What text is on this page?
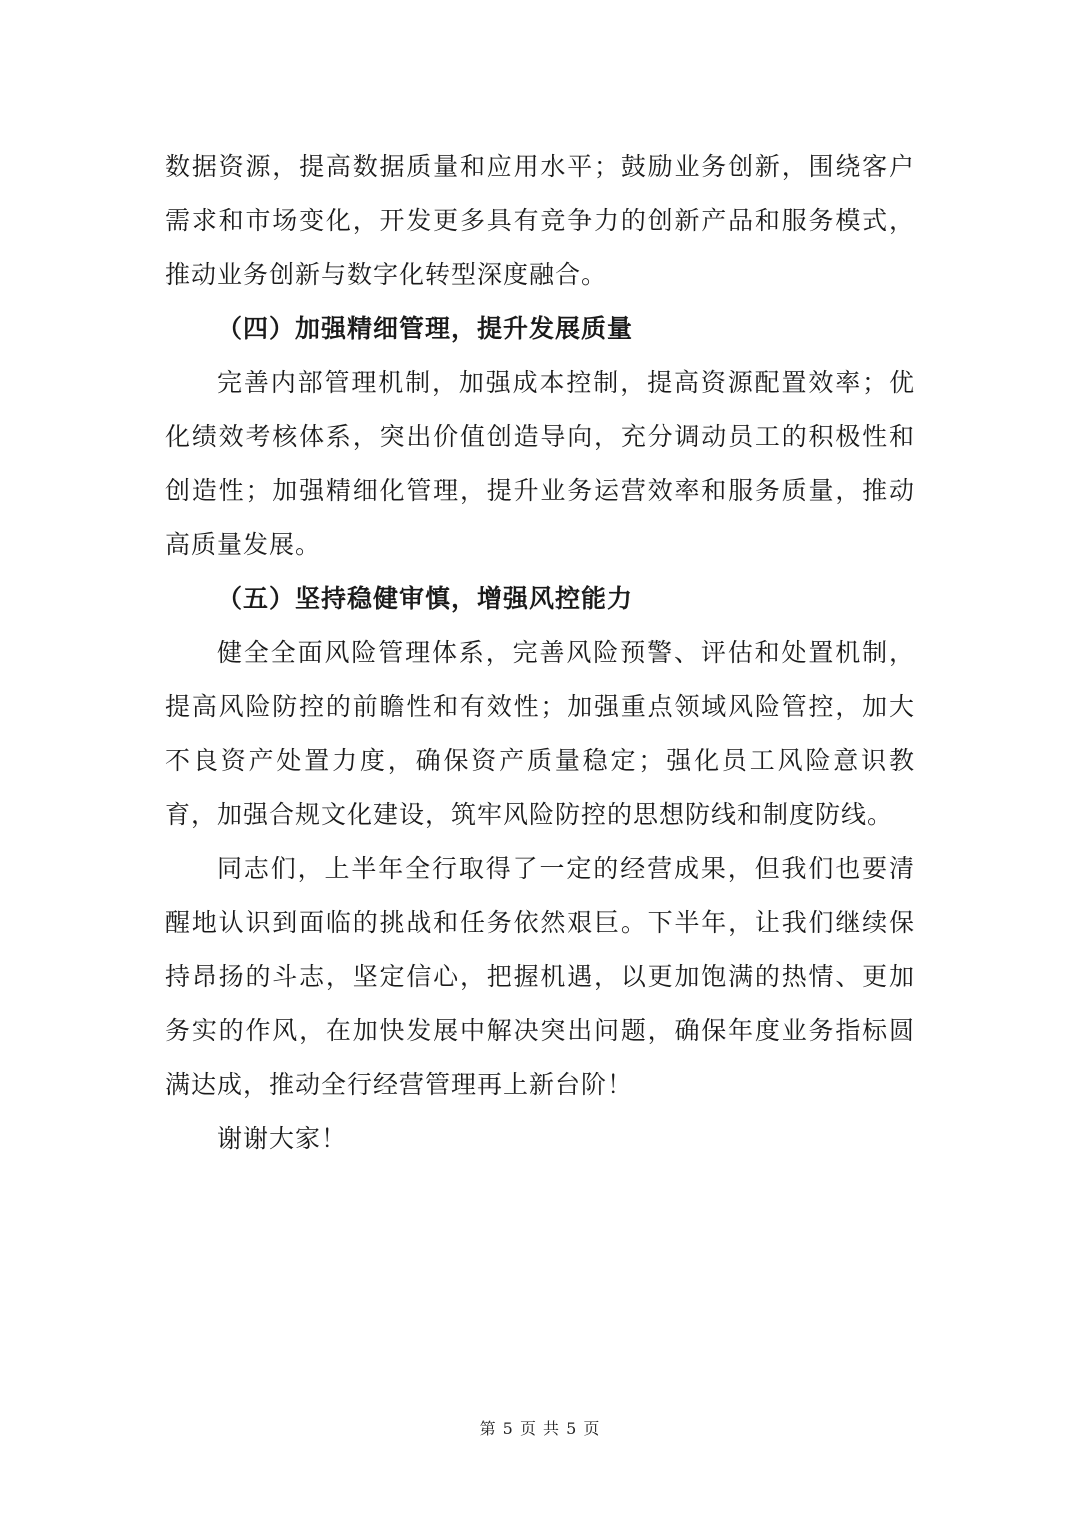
数据资源，提高数据质量和应用水平；鼓励业务创新，围绕客户需求和市场变化，开发更多具有竞争力的创新产品和服务模式，推动业务创新与数字化转型深度融合。

（四）加强精细管理，提升发展质量

完善内部管理机制，加强成本控制，提高资源配置效率；优化绩效考核体系，突出价值创造导向，充分调动员工的积极性和创造性；加强精细化管理，提升业务运营效率和服务质量，推动高质量发展。

（五）坚持稳健审慎，增强风控能力

健全全面风险管理体系，完善风险预警、评估和处置机制，提高风险防控的前瞻性和有效性；加强重点领域风险管控，加大不良资产处置力度，确保资产质量稳定；强化员工风险意识教育，加强合规文化建设，筑牢风险防控的思想防线和制度防线。

同志们，上半年全行取得了一定的经营成果，但我们也要清醒地认识到面临的挑战和任务依然艰巨。下半年，让我们继续保持昂扬的斗志，坚定信心，把握机遇，以更加饱满的热情、更加务实的作风，在加快发展中解决突出问题，确保年度业务指标圆满达成，推动全行经营管理再上新台阶！

谢谢大家！

第 5 页 共 5 页
